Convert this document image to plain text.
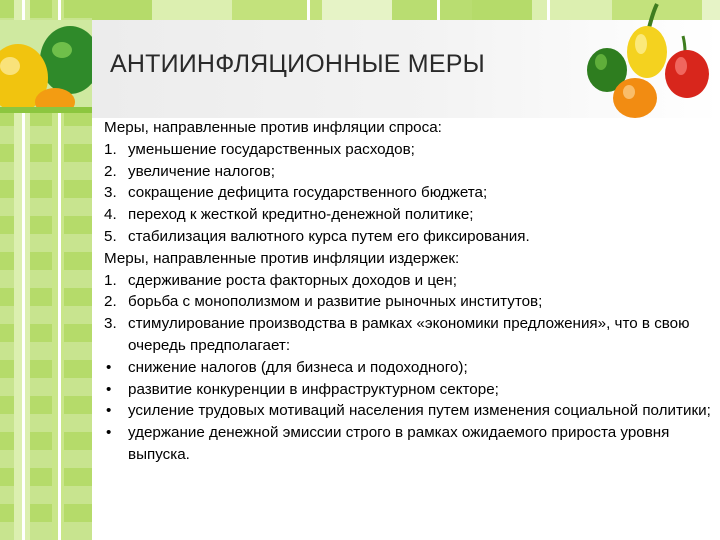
АНТИИНФЛЯЦИОННЫЕ МЕРЫ
Меры, направленные против инфляции спроса:
1. уменьшение государственных расходов;
2. увеличение налогов;
3. сокращение дефицита государственного бюджета;
4. переход к жесткой кредитно-денежной политике;
5. стабилизация валютного курса путем его фиксирования.
Меры, направленные против инфляции издержек:
1. сдерживание роста факторных доходов и цен;
2. борьба с монополизмом и развитие рыночных институтов;
3. стимулирование производства в рамках «экономики предложения», что в свою очередь предполагает:
•	снижение налогов (для бизнеса и подоходного);
•	развитие конкуренции в инфраструктурном секторе;
•	усиление трудовых мотиваций населения путем изменения социальной политики;
•	удержание денежной эмиссии строго в рамках ожидаемого прироста уровня выпуска.
